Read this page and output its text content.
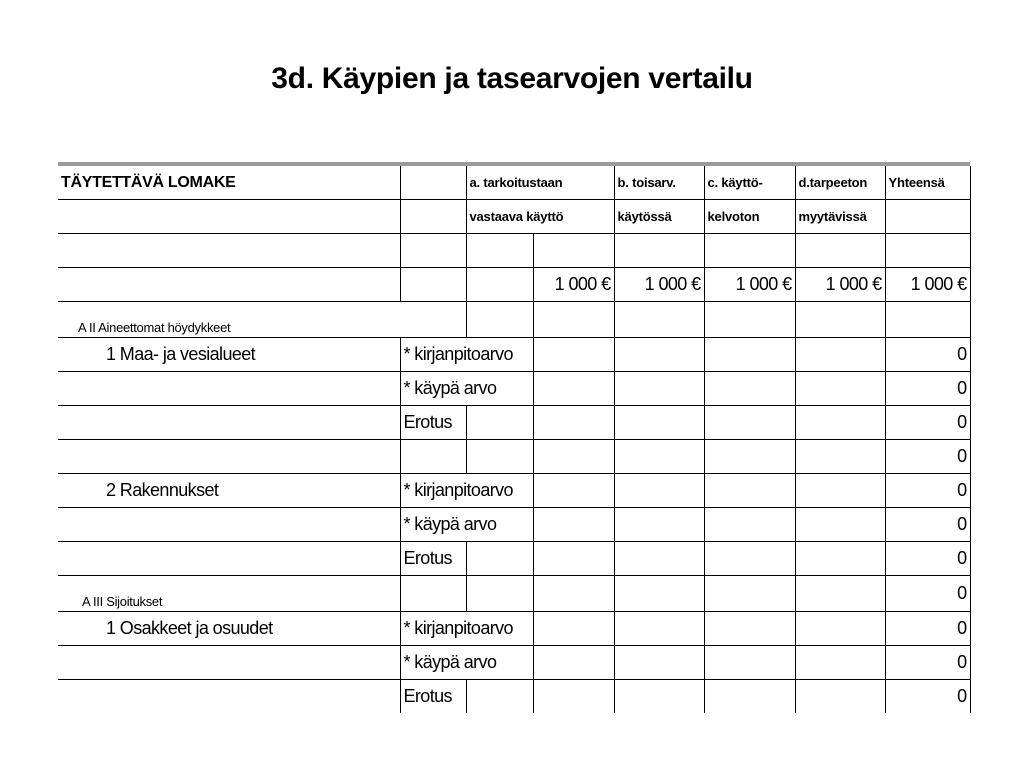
3d. Käypien ja tasearvojen vertailu
TÄYTETTÄVÄ LOMAKE		a. tarkoitustaan		b. toisarv.	c. käyttö-	d.tarpeeton	Yhteensä
		vastaava käyttö		käytössä	kelvoton	myytävissä	

			1 000 €	1 000 €	1 000 €	1 000 €	1 000 €
A II Aineettomat höydykkeet							
1 Maa- ja vesialueet	* kirjanpitoarvo						0
	* käypä arvo						0
	Erotus						0
							0
2 Rakennukset	* kirjanpitoarvo						0
	* käypä arvo						0
	Erotus						0
A III Sijoitukset							0
1 Osakkeet ja osuudet	* kirjanpitoarvo						0
	* käypä arvo						0
	Erotus						0
